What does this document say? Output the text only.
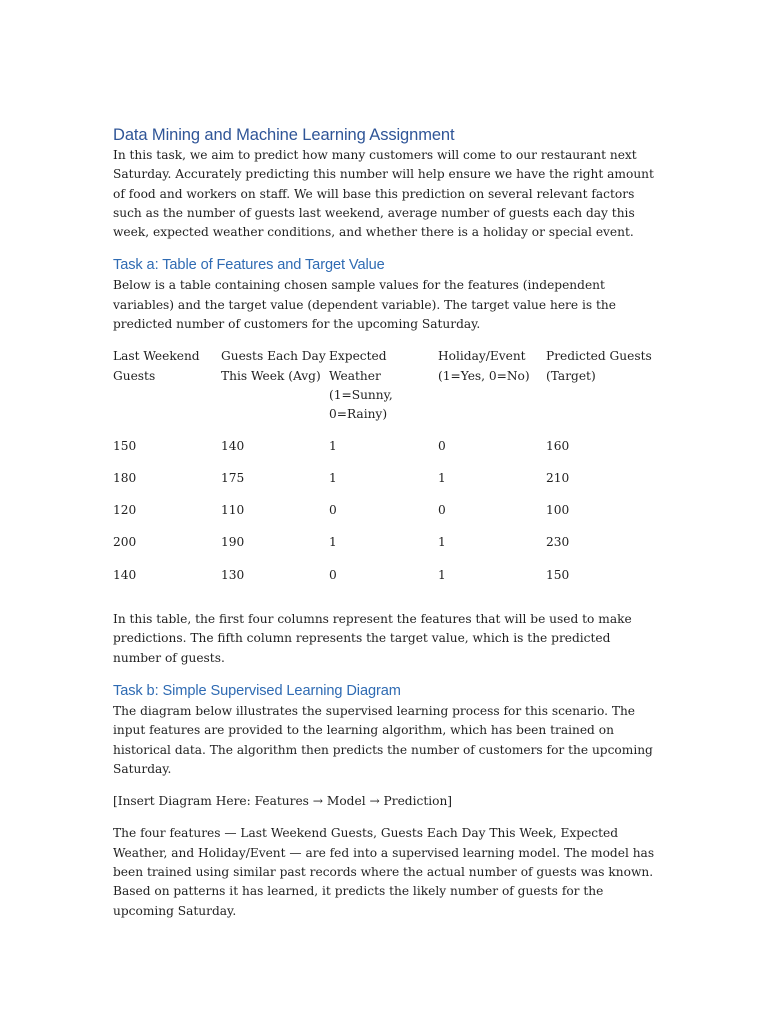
Data Mining and Machine Learning Assignment

In this task, we aim to predict how many customers will come to our restaurant next Saturday. Accurately predicting this number will help ensure we have the right amount of food and workers on staff. We will base this prediction on several relevant factors such as the number of guests last weekend, average number of guests each day this week, expected weather conditions, and whether there is a holiday or special event.

Task a: Table of Features and Target Value

Below is a table containing chosen sample values for the features (independent variables) and the target value (dependent variable). The target value here is the predicted number of customers for the upcoming Saturday.

Last Weekend Guests	Guests Each Day This Week (Avg)	Expected Weather (1=Sunny, 0=Rainy)	Holiday/Event (1=Yes, 0=No)	Predicted Guests (Target)
150	140	1	0	160
180	175	1	1	210
120	110	0	0	100
200	190	1	1	230
140	130	0	1	150

In this table, the first four columns represent the features that will be used to make predictions. The fifth column represents the target value, which is the predicted number of guests.

Task b: Simple Supervised Learning Diagram

The diagram below illustrates the supervised learning process for this scenario. The input features are provided to the learning algorithm, which has been trained on historical data. The algorithm then predicts the number of customers for the upcoming Saturday.

[Insert Diagram Here: Features → Model → Prediction]

The four features — Last Weekend Guests, Guests Each Day This Week, Expected Weather, and Holiday/Event — are fed into a supervised learning model. The model has been trained using similar past records where the actual number of guests was known. Based on patterns it has learned, it predicts the likely number of guests for the upcoming Saturday.
